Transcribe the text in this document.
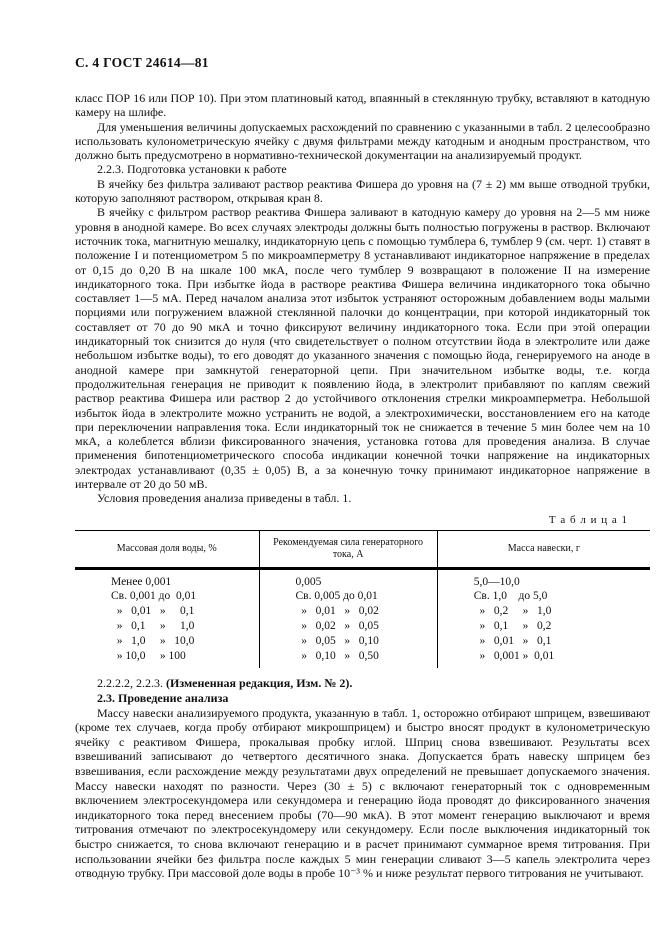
С. 4 ГОСТ 24614—81

класс ПОР 16 или ПОР 10). При этом платиновый катод, впаянный в стеклянную трубку, вставляют в катодную камеру на шлифе.

Для уменьшения величины допускаемых расхождений по сравнению с указанными в табл. 2 целесообразно использовать кулонометрическую ячейку с двумя фильтрами между катодным и анодным пространством, что должно быть предусмотрено в нормативно-технической документации на анализируемый продукт.

2.2.3. Подготовка установки к работе

В ячейку без фильтра заливают раствор реактива Фишера до уровня на (7 ± 2) мм выше отводной трубки, которую заполняют раствором, открывая кран 8.

В ячейку с фильтром раствор реактива Фишера заливают в катодную камеру до уровня на 2—5 мм ниже уровня в анодной камере. Во всех случаях электроды должны быть полностью погружены в раствор. Включают источник тока, магнитную мешалку, индикаторную цепь с помощью тумблера 6, тумблер 9 (см. черт. 1) ставят в положение I и потенциометром 5 по микроамперметру 8 устанавливают индикаторное напряжение в пределах от 0,15 до 0,20 В на шкале 100 мкА, после чего тумблер 9 возвращают в положение II на измерение индикаторного тока. При избытке йода в растворе реактива Фишера величина индикаторного тока обычно составляет 1—5 мА. Перед началом анализа этот избыток устраняют осторожным добавлением воды малыми порциями или погружением влажной стеклянной палочки до концентрации, при которой индикаторный ток составляет от 70 до 90 мкА и точно фиксируют величину индикаторного тока. Если при этой операции индикаторный ток снизится до нуля (что свидетельствует о полном отсутствии йода в электролите или даже небольшом избытке воды), то его доводят до указанного значения с помощью йода, генерируемого на аноде в анодной камере при замкнутой генераторной цепи. При значительном избытке воды, т.е. когда продолжительная генерация не приводит к появлению йода, в электролит прибавляют по каплям свежий раствор реактива Фишера или раствор 2 до устойчивого отклонения стрелки микроамперметра. Небольшой избыток йода в электролите можно устранить не водой, а электрохимически, восстановлением его на катоде при переключении направления тока. Если индикаторный ток не снижается в течение 5 мин более чем на 10 мкА, а колеблется вблизи фиксированного значения, установка готова для проведения анализа. В случае применения бипотенциометрического способа индикации конечной точки напряжение на индикаторных электродах устанавливают (0,35 ± 0,05) В, а за конечную точку принимают индикаторное напряжение в интервале от 20 до 50 мВ.

Условия проведения анализа приведены в табл. 1.

Т а б л и ц а 1
Массовая доля воды, %	Рекомендуемая сила генераторного тока, А	Масса навески, г
Менее 0,001	0,005	5,0—10,0
Св. 0,001 до  0,01	Св. 0,005 до 0,01	Св. 1,0    до 5,0
»   0,01   »     0,1	»   0,01   »   0,02	»   0,2     »   1,0
»   0,1     »     1,0	»   0,02   »   0,05	»   0,1     »   0,2
»   1,0     »   10,0	»   0,05   »   0,10	»   0,01   »   0,1
» 10,0     » 100	»   0,10   »   0,50	»   0,001 »  0,01

2.2.2.2, 2.2.3. (Измененная редакция, Изм. № 2).

2.3. Проведение анализа

Массу навески анализируемого продукта, указанную в табл. 1, осторожно отбирают шприцем, взвешивают (кроме тех случаев, когда пробу отбирают микрошприцем) и быстро вносят продукт в кулонометрическую ячейку с реактивом Фишера, прокалывая пробку иглой. Шприц снова взвешивают. Результаты всех взвешиваний записывают до четвертого десятичного знака. Допускается брать навеску шприцем без взвешивания, если расхождение между результатами двух определений не превышает допускаемого значения. Массу навески находят по разности. Через (30 ± 5) с включают генераторный ток с одновременным включением электросекундомера или секундомера и генерацию йода проводят до фиксированного значения индикаторного тока перед внесением пробы (70—90 мкА). В этот момент генерацию выключают и время титрования отмечают по электросекундомеру или секундомеру. Если после выключения индикаторный ток быстро снижается, то снова включают генерацию и в расчет принимают суммарное время титрования. При использовании ячейки без фильтра после каждых 5 мин генерации сливают 3—5 капель электролита через отводную трубку. При массовой доле воды в пробе 10⁻³ % и ниже результат первого титрования не учитывают.
